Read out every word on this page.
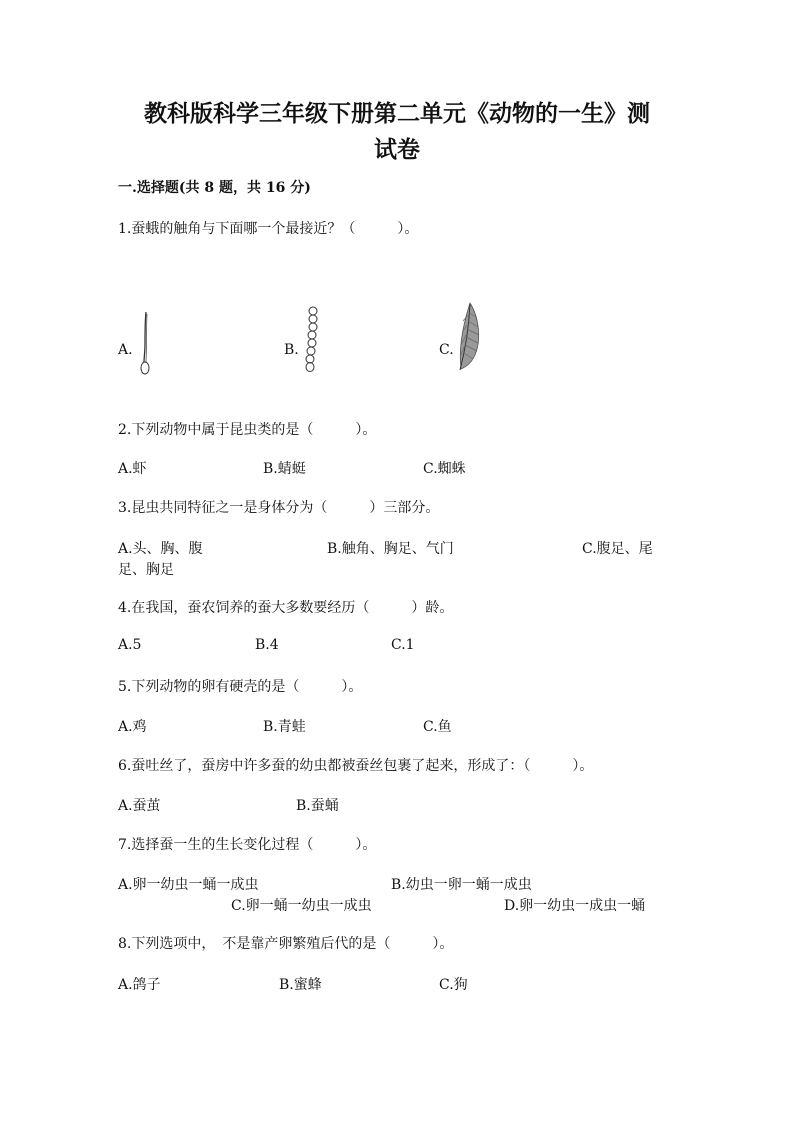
教科版科学三年级下册第二单元《动物的一生》测
试卷
一.选择题(共 8 题，共 16 分)
1.蚕蛾的触角与下面哪一个最接近？（　　　）。
A.	B.	C.
2.下列动物中属于昆虫类的是（　　　）。
A.虾	B.蜻蜓	C.蜘蛛
3.昆虫共同特征之一是身体分为（　　　）三部分。
A.头、胸、腹	B.触角、胸足、气门	C.腹足、尾
足、胸足
4.在我国，蚕农饲养的蚕大多数要经历（　　　）龄。
A.5	B.4	C.1
5.下列动物的卵有硬壳的是（　　　）。
A.鸡	B.青蛙	C.鱼
6.蚕吐丝了，蚕房中许多蚕的幼虫都被蚕丝包裹了起来，形成了：（　　　）。
A.蚕茧	B.蚕蛹
7.选择蚕一生的生长变化过程（　　　）。
A.卵一幼虫一蛹一成虫	B.幼虫一卵一蛹一成虫
C.卵一蛹一幼虫一成虫	D.卵一幼虫一成虫一蛹
8.下列选项中，　不是靠产卵繁殖后代的是（　　　）。
A.鸽子	B.蜜蜂	C.狗
